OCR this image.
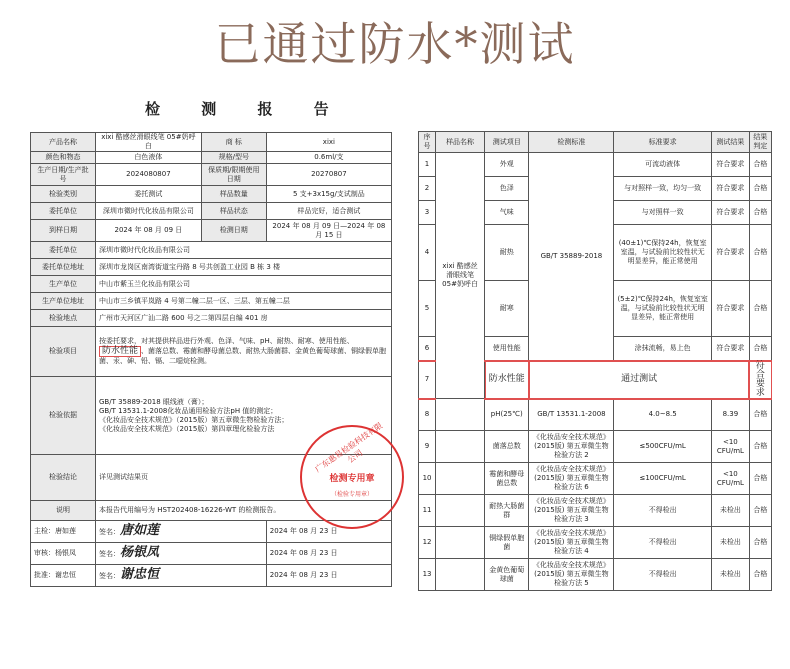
已通过防水*测试
检 测 报 告
产品名称	xixi 酷感丝滑眼线笔 05#奶呼白	商 标	xixi
颜色和物态	白色液体	规格/型号	0.6ml/支
生产日期/生产批号	2024080807	保质期/限期使用日期	20270807
检验类别	委托测试	样品数量	5 支+3x15g/支试制品
委托单位	深圳市微时代化妆品有限公司	样品状态	样品完好，适合测试
到样日期	2024 年 08 月 09 日	检测日期	2024 年 08 月 09 日—2024 年 08 月 15 日
委托单位	深圳市微时代化妆品有限公司		
委托单位地址	深圳市龙岗区南湾街道宝丹路 8 号共创盈工业园 B 栋 3 楼		
生产单位	中山市紫玉兰化妆品有限公司		
生产单位地址	中山市三乡镇平岚路 4 号第二幢二层一区、三层、第五幢二层		
检验地点	广州市天河区广汕二路 600 号之二第四层自编 401 房		
检验项目	按委托要求，对其提供样品进行外观、色泽、气味、pH、耐热、耐寒、使用性能、防水性能 、菌落总数、霉菌和酵母菌总数、耐热大肠菌群、金黄色葡萄球菌、铜绿假单胞菌、汞、砷、铅、镉、二噁烷检测。		
检验依据	GB/T 35889-2018 眼线液（膏）；
GB/T 13531.1-2008化妆品通用检验方法pH 值的测定；
《化妆品安全技术规范》（2015版）第五章微生物检验方法；
《化妆品安全技术规范》（2015版）第四章理化检验方法		

检验结论	详见测试结果页		
说明	本报告代用编号为 HST202408-16226-WT 的检测报告。		
主检：唐如莲	签名：唐如莲		2024 年 08 月 23 日
审核：杨银凤	签名：杨银凤		2024 年 08 月 23 日
批准：谢忠恒	签名：谢忠恒		2024 年 08 月 23 日
广东惠易检验科技有限公司
检测专用章
（检验专用章）
序号	样品名称	测试项目	检测标准	标准要求	测试结果	结果判定
1	xixi 酷感丝滑眼线笔 05#奶呼白	外观	GB/T 35889-2018	可流动液体	符合要求	合格
2		色泽		与对照样一致，均匀一致	符合要求	合格
3		气味		与对照样一致	符合要求	合格
4		耐热		(40±1)℃保持24h，恢复室室温，与试验前比较性状无明显差异，能正常使用	符合要求	合格
5		耐寒		(5±2)℃保持24h，恢复室室温，与试验前比较性状无明显差异，能正常使用	符合要求	合格
6		使用性能		涂抹流畅，易上色	符合要求	合格
7		防水性能	通过测试			符合要求
8		pH(25℃)	GB/T 13531.1-2008	4.0~8.5	8.39	合格
9		菌落总数	《化妆品安全技术规范》(2015版) 第五章微生物检验方法 2	≤500CFU/mL	<10 CFU/mL	合格
10		霉菌和酵母菌总数	《化妆品安全技术规范》(2015版) 第五章微生物检验方法 6	≤100CFU/mL	<10 CFU/mL	合格
11		耐热大肠菌群	《化妆品安全技术规范》(2015版) 第五章微生物检验方法 3	不得检出	未检出	合格
12		铜绿假单胞菌	《化妆品安全技术规范》(2015版) 第五章微生物检验方法 4	不得检出	未检出	合格
13		金黄色葡萄球菌	《化妆品安全技术规范》(2015版) 第五章微生物检验方法 5	不得检出	未检出	合格
